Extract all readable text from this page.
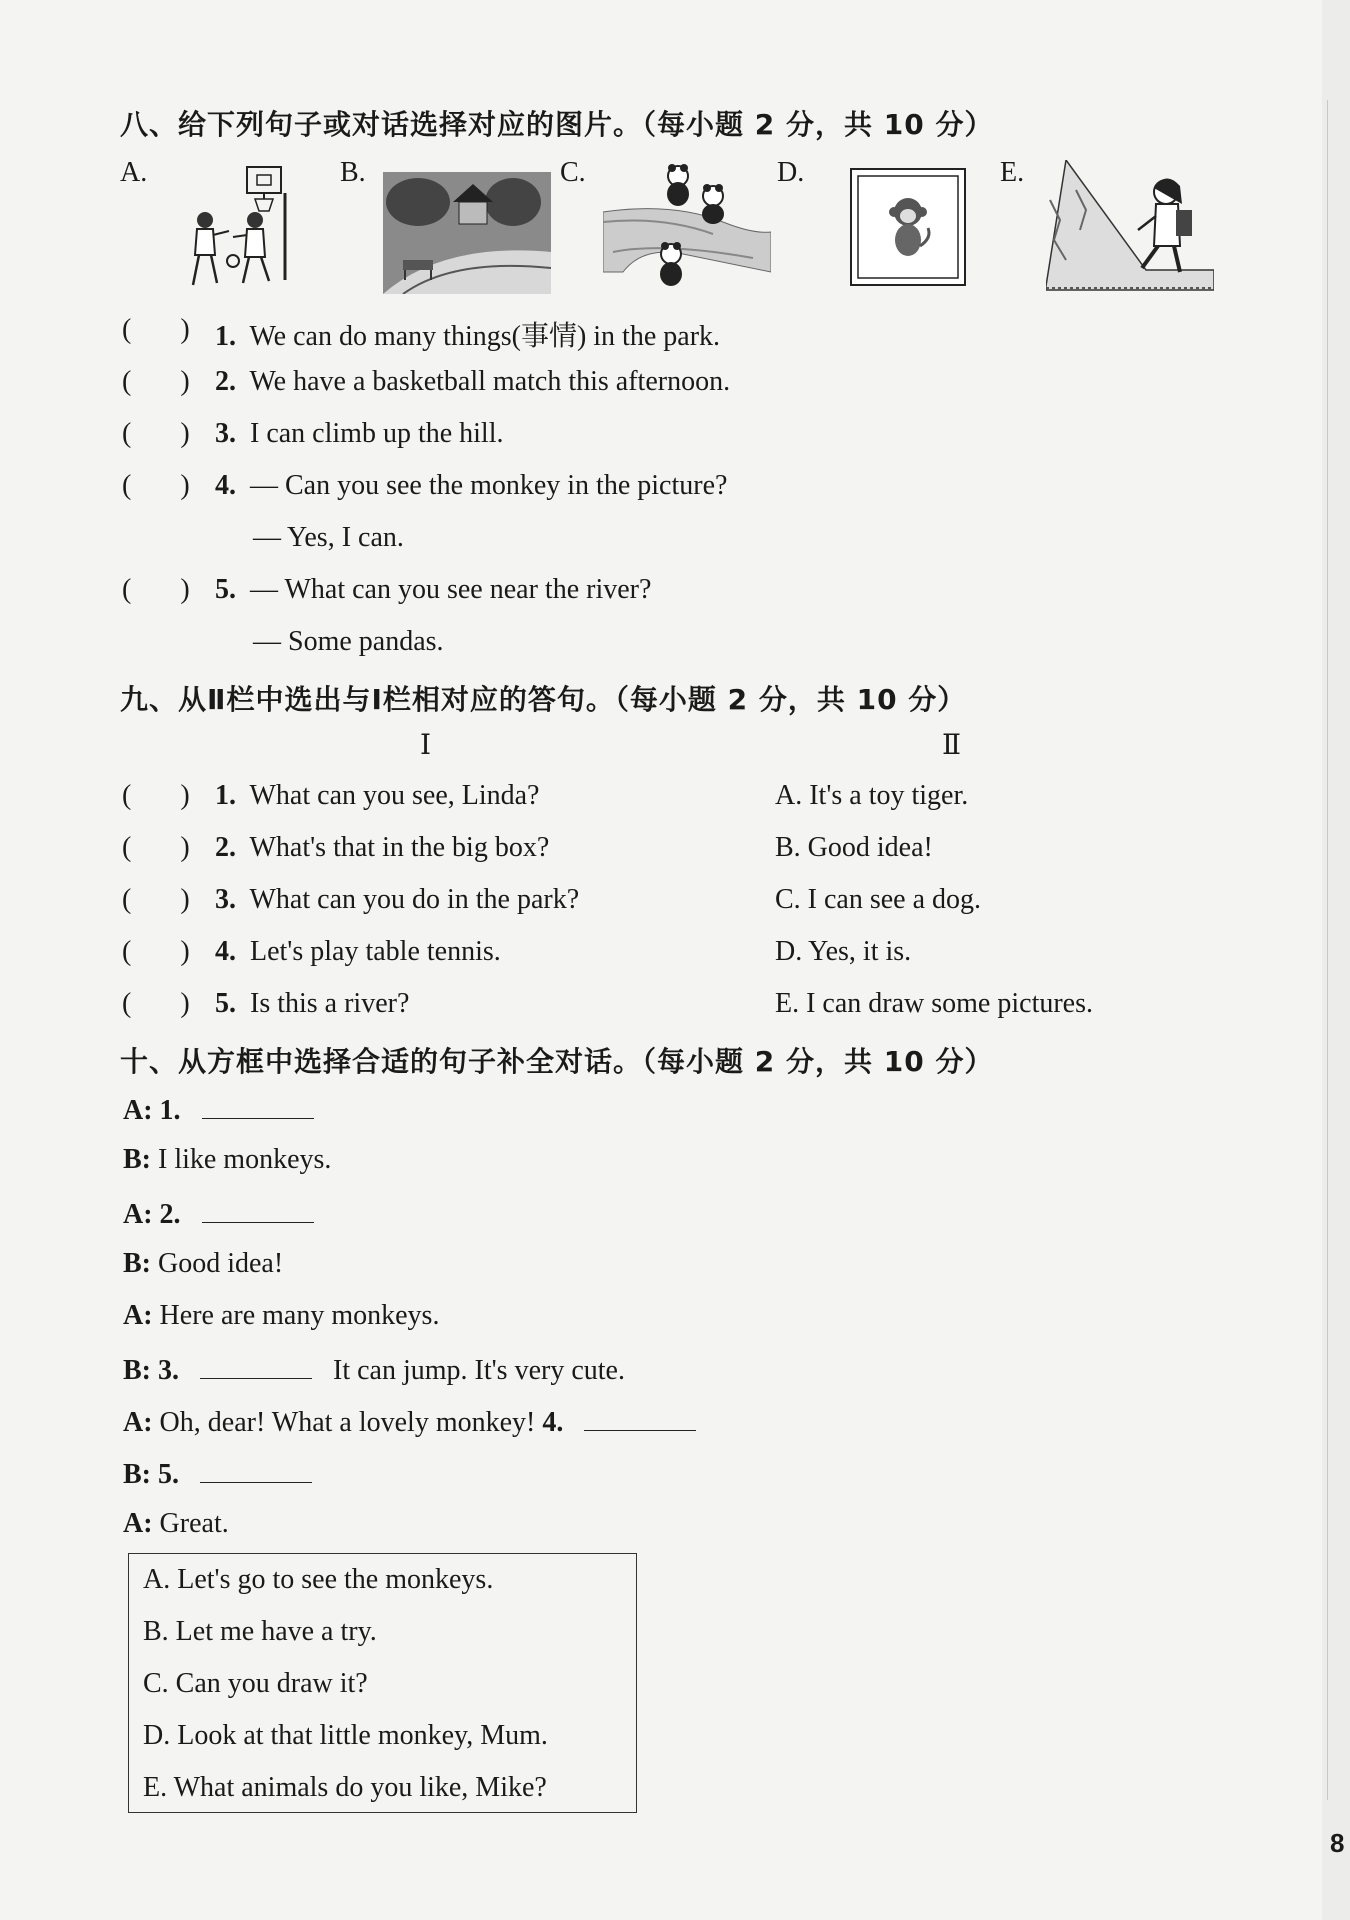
八、给下列句子或对话选择对应的图片。（每小题 2 分，共 10 分）
A.	B.	C.	D.	E.
(       ) 1. We can do many things(事情) in the park.
(       ) 2. We have a basketball match this afternoon.
(       ) 3. I can climb up the hill.
(       ) 4. — Can you see the monkey in the picture?
— Yes, I can.
(       ) 5. — What can you see near the river?
— Some pandas.
九、从Ⅱ栏中选出与Ⅰ栏相对应的答句。（每小题 2 分，共 10 分）
Ⅰ	Ⅱ
(       ) 1. What can you see, Linda?	A. It's a toy tiger.
(       ) 2. What's that in the big box?	B. Good idea!
(       ) 3. What can you do in the park?	C. I can see a dog.
(       ) 4. Let's play table tennis.	D. Yes, it is.
(       ) 5. Is this a river?	E. I can draw some pictures.
十、从方框中选择合适的句子补全对话。（每小题 2 分，共 10 分）
A: 1.
B: I like monkeys.
A: 2.
B: Good idea!
A: Here are many monkeys.
B: 3.	It can jump. It's very cute.
A: Oh, dear! What a lovely monkey! 4.
B: 5.
A: Great.
A. Let's go to see the monkeys.
B. Let me have a try.
C. Can you draw it?
D. Look at that little monkey, Mum.
E. What animals do you like, Mike?
8
